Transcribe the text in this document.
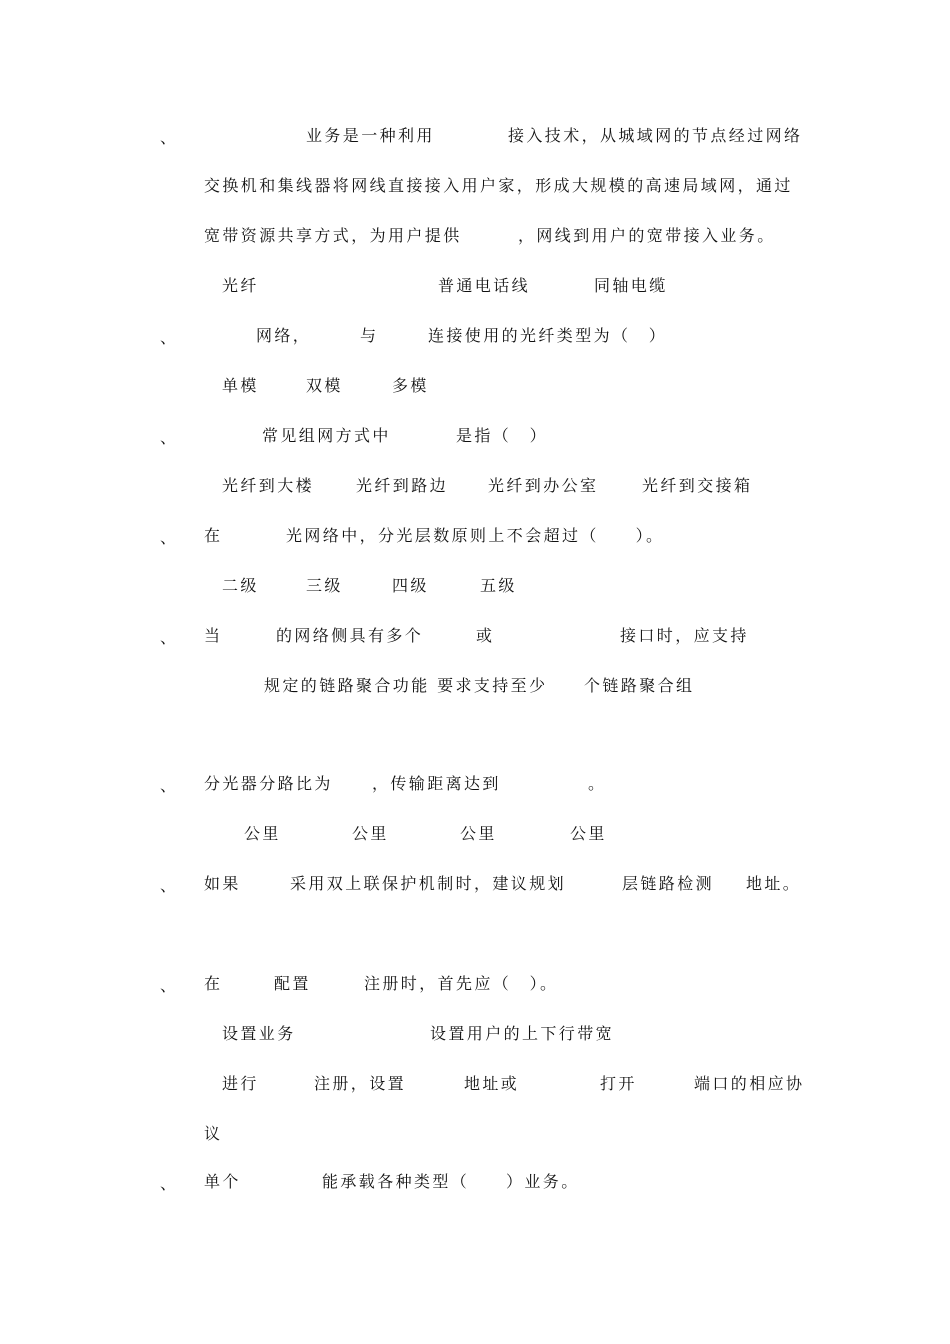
、	业务是一种利用	接入技术，从城域网的节点经过网络
交换机和集线器将网线直接接入用户家，形成大规模的高速局域网，通过
宽带资源共享方式，为用户提供	，网线到用户的宽带接入业务。
光纤	普通电话线	同轴电缆
、	网络，	与	连接使用的光纤类型为（　）
单模	双模	多模
、	常见组网方式中	是指（　）
光纤到大楼	光纤到路边 光纤到办公室	光纤到交接箱
、 在	光网络中，分光层数原则上不会超过（　　）。
二级	三级	四级	五级
、 当	的网络侧具有多个	或	接口时，应支持
规定的链路聚合功能 要求支持至少 个链路聚合组
、 分光器分路比为 ，传输距离达到	。
公里	公里	公里	公里
、 如果	采用双上联保护机制时，建议规划	层链路检测 地址。
、 在	配置	注册时，首先应（　）。
设置业务	设置用户的上下行带宽
进行	注册，设置	地址或	打开	端口的相应协
议
、 单个	能承载各种类型（　　）业务。
